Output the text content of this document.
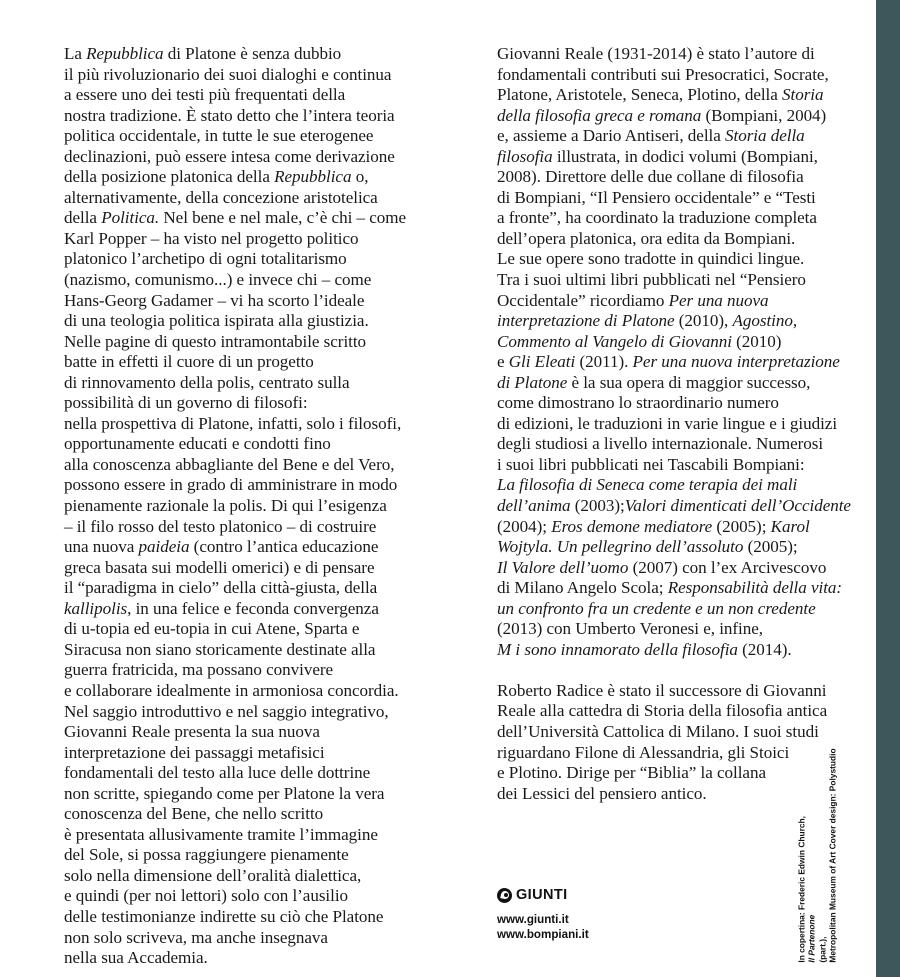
La Repubblica di Platone è senza dubbio
il più rivoluzionario dei suoi dialoghi e continua
a essere uno dei testi più frequentati della
nostra tradizione. È stato detto che l’intera teoria
politica occidentale, in tutte le sue eterogenee
declinazioni, può essere intesa come derivazione
della posizione platonica della Repubblica o,
alternativamente, della concezione aristotelica
della Politica. Nel bene e nel male, c’è chi – come
Karl Popper – ha visto nel progetto politico
platonico l’archetipo di ogni totalitarismo
(nazismo, comunismo...) e invece chi – come
Hans-Georg Gadamer – vi ha scorto l’ideale
di una teologia politica ispirata alla giustizia.
Nelle pagine di questo intramontabile scritto
batte in effetti il cuore di un progetto
di rinnovamento della polis, centrato sulla
possibilità di un governo di filosofi:
nella prospettiva di Platone, infatti, solo i filosofi,
opportunamente educati e condotti fino
alla conoscenza abbagliante del Bene e del Vero,
possono essere in grado di amministrare in modo
pienamente razionale la polis. Di qui l’esigenza
– il filo rosso del testo platonico – di costruire
una nuova paideia (contro l’antica educazione
greca basata sui modelli omerici) e di pensare
il “paradigma in cielo” della città-giusta, della
kallipolis, in una felice e feconda convergenza
di u-topia ed eu-topia in cui Atene, Sparta e
Siracusa non siano storicamente destinate alla
guerra fratricida, ma possano convivere
e collaborare idealmente in armoniosa concordia.
Nel saggio introduttivo e nel saggio integrativo,
Giovanni Reale presenta la sua nuova
interpretazione dei passaggi metafisici
fondamentali del testo alla luce delle dottrine
non scritte, spiegando come per Platone la vera
conoscenza del Bene, che nello scritto
è presentata allusivamente tramite l’immagine
del Sole, si possa raggiungere pienamente
solo nella dimensione dell’oralità dialettica,
e quindi (per noi lettori) solo con l’ausilio
delle testimonianze indirette su ciò che Platone
non solo scriveva, ma anche insegnava
nella sua Accademia.
Giovanni Reale (1931-2014) è stato l’autore di
fondamentali contributi sui Presocratici, Socrate,
Platone, Aristotele, Seneca, Plotino, della Storia
della filosofia greca e romana (Bompiani, 2004)
e, assieme a Dario Antiseri, della Storia della
filosofia illustrata, in dodici volumi (Bompiani,
2008). Direttore delle due collane di filosofia
di Bompiani, “Il Pensiero occidentale” e “Testi
a fronte”, ha coordinato la traduzione completa
dell’opera platonica, ora edita da Bompiani.
Le sue opere sono tradotte in quindici lingue.
Tra i suoi ultimi libri pubblicati nel “Pensiero
Occidentale” ricordiamo Per una nuova
interpretazione di Platone (2010), Agostino,
Commento al Vangelo di Giovanni (2010)
e Gli Eleati (2011). Per una nuova interpretazione
di Platone è la sua opera di maggior successo,
come dimostrano lo straordinario numero
di edizioni, le traduzioni in varie lingue e i giudizi
degli studiosi a livello internazionale. Numerosi
i suoi libri pubblicati nei Tascabili Bompiani:
La filosofia di Seneca come terapia dei mali
dell’anima (2003);Valori dimenticati dell’Occidente
(2004); Eros demone mediatore (2005); Karol
Wojtyla. Un pellegrino dell’assoluto (2005);
Il Valore dell’uomo (2007) con l’ex Arcivescovo
di Milano Angelo Scola; Responsabilità della vita:
un confronto fra un credente e un non credente
(2013) con Umberto Veronesi e, infine,
M i sono innamorato della filosofia (2014).
Roberto Radice è stato il successore di Giovanni
Reale alla cattedra di Storia della filosofia antica
dell’Università Cattolica di Milano. I suoi studi
riguardano Filone di Alessandria, gli Stoici
e Plotino. Dirige per “Biblia” la collana
dei Lessici del pensiero antico.
GIUNTI
www.giunti.it
www.bompiani.it	In copertina: Frederic Edwin Church, Il Partenone (part.), Metropolitan Museum of Art Cover design: Polystudio
